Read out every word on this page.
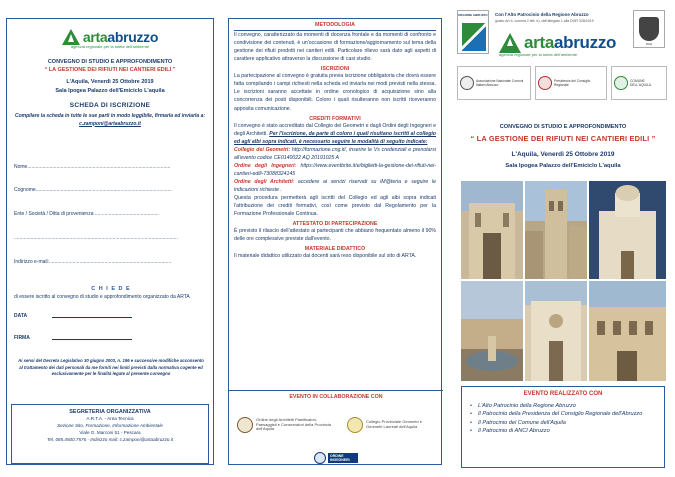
artaabruzzo
agenzia regionale per la tutela dell'ambiente
CONVEGNO DI STUDIO E APPROFONDIMENTO
“ LA GESTIONE DEI RIFIUTI NEI CANTIERI EDILI ”
L'Aquila, Venerdì 25 Ottobre 2019
Sala Ipogea Palazzo dell'Emiciclo L'aquila
SCHEDA DI ISCRIZIONE
Compilare la scheda in tutte le sue parti in modo leggibile, firmarla ed inviarla a:
c.zamponi@artaabruzzo.it
Nome.......................................................................................................
Cognome..................................................................................................
Ente / Società / Ditta di provenienza ..............................................
......................................................................................................................
Indirizzo e-mail:........................................................................................
C H I E D E
di essere iscritto al convegno di studio e approfondimento organizzato da ARTA
DATA
FIRMA
Ai sensi del Decreto Legislativo 30 giugno 2003, n. 196 e successive modifiche acconsento al trattamento dei dati personali da me forniti nei limiti previsti dalla normativa cogente ed esclusivamente per le finalità legate al presente convegno
SEGRETERIA ORGANIZZATIVA
A.R.T.A. - Area Tecnica
Sezione Sito, Formazione, Informazione Ambientale
Viale G. Marconi 51 - Pescara
Tel. 085.4500.7576 - Indirizzo mail: c.zamponi@artaabruzzo.it
METODOLOGIA
Il convegno, caratterizzato da momenti di docenza frontale e da momenti di confronto e condivisione dei contenuti, è un'occasione di formazione/aggiornamento sul tema della gestione dei rifiuti prodotti nei cantieri edili. Particolare rilievo sarà dato agli aspetti di carattere applicativo attraverso la discussione di casi studio.
ISCRIZIONI
La partecipazione al convegno è gratuita previa iscrizione obbligatoria che dovrà essere fatta compilando i campi richiesti nella scheda ed inviarla nei modi previsti nella stessa. Le iscrizioni saranno accettate in ordine cronologico di acquisizione sino alla concorrenza dei posti disponibili. Coloro i quali risulteranno non iscritti riceveranno apposita comunicazione.
CREDITI FORMATIVI
Il convegno è stato accreditato dal Collegio dei Geometri e dagli Ordini degli Ingegneri e degli Architetti. Per l'iscrizione, da parte di coloro i quali risultano iscritti al collegio ed agli albi sopra indicati, è necessario seguire le modalità di seguito indicate:
Collegio dei Geometri: http://formazione.cng.it/, inserire le Vs credenziali e prenotarsi all'evento codice CE0140022 AQ 20191025 A
Ordine degli Ingegneri: https://www.eventbrite.it/e/biglietti-la-gestione-dei-rifiuti-nei-cantieri-edili-73088324145
Ordine degli Architetti: accedere ai servizi riservati su iM@teria e seguire le indicazioni richieste .
Questa procedura permetterà agli iscritti del Collegio ed agli albi sopra indicati l'attribuzione dei crediti formativi, così come previsto dal Regolamento per la Formazione Professionale Continua.
ATTESTATO DI PARTECIPAZIONE
È previsto il rilascio dell'attestato ai partecipanti che abbiano frequentato almeno il 90% delle ore complessive previste dall'evento.
MATERIALE DIDATTICO
Il materiale didattico utilizzato dai docenti sarà reso disponibile sul sito di ARTA.
EVENTO IN COLLABORAZIONE CON
Ordine degli Architetti Pianificatori, Paesaggisti e Conservatori della Provincia dell'Aquila
Collegio Provinciale Geometri e Geometri Laureati dell'Aquila
ORDINE INGEGNERI
REGIONE ABRUZZO Con l'Alto Patrocinio della Regione Abruzzo
giusto Art 4, comma 2 lett. e), dell'allegato 1 alla DGR 328/2019
artaabruzzo
agenzia regionale per la tutela dell'ambiente
PAQ
Associazione Nazionale Comuni Italiani Abruzzo
Presidenza del Consiglio Regionale
COMUNE DELL'AQUILA
CONVEGNO DI STUDIO E APPROFONDIMENTO
“ LA GESTIONE DEI RIFIUTI NEI CANTIERI EDILI ”
L'Aquila, Venerdì 25 Ottobre 2019
Sala Ipogea Palazzo dell'Emiciclo L'aquila
EVENTO REALIZZATO CON
• L'Alto Patrocinio della Regione Abruzzo
• Il Patrocinio della Presidenza del Consiglio Regionale dell'Abruzzo
• Il Patrocinio del Comune dell'Aquila
• Il Patrocinio di ANCI Abruzzo
